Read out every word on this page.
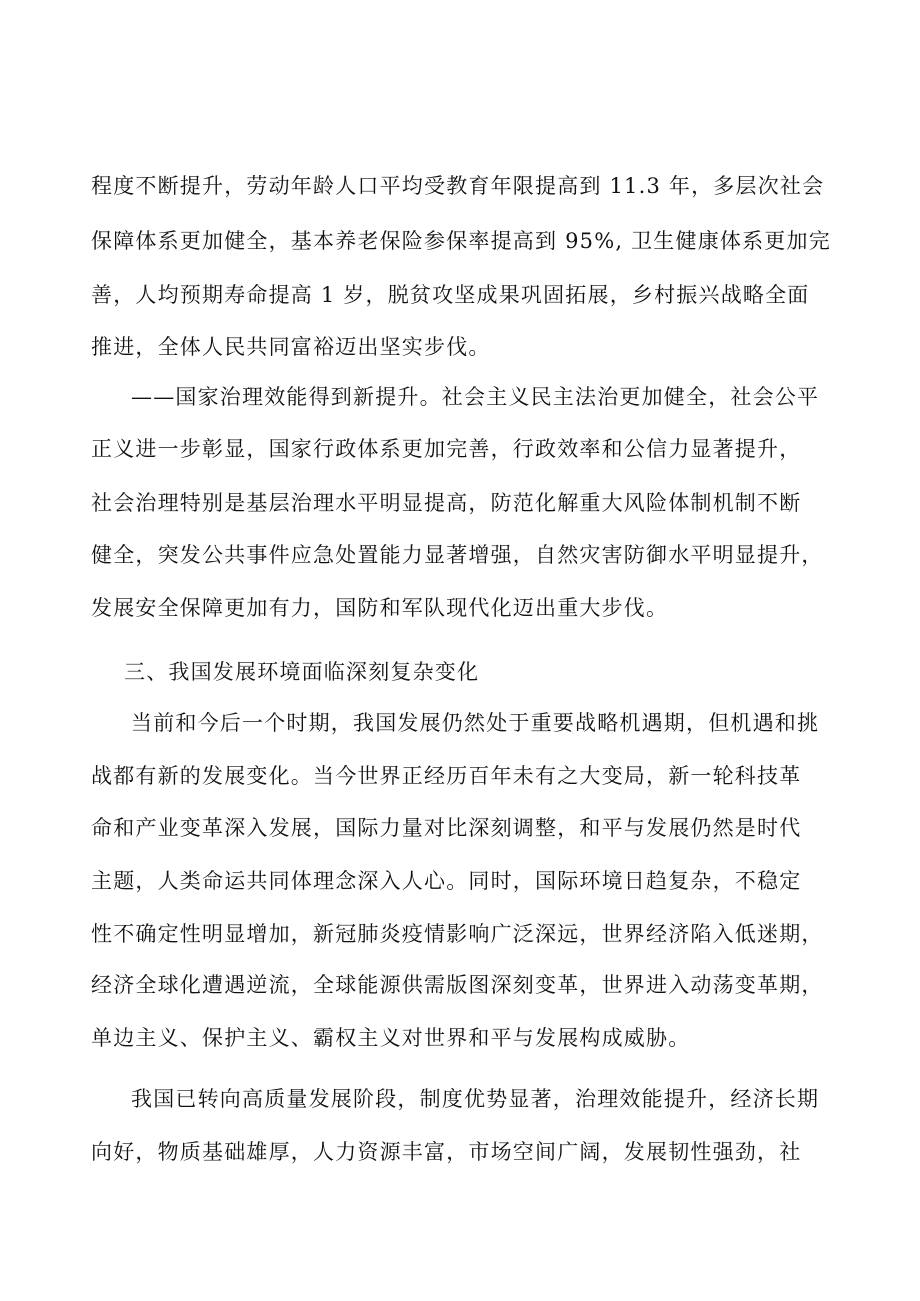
程度不断提升，劳动年龄人口平均受教育年限提高到 11.3 年，多层次社会
保障体系更加健全，基本养老保险参保率提高到 95%, 卫生健康体系更加完
善，人均预期寿命提高 1 岁，脱贫攻坚成果巩固拓展，乡村振兴战略全面
推进，全体人民共同富裕迈出坚实步伐。
——国家治理效能得到新提升。社会主义民主法治更加健全，社会公平
正义进一步彰显，国家行政体系更加完善，行政效率和公信力显著提升，
社会治理特别是基层治理水平明显提高，防范化解重大风险体制机制不断
健全，突发公共事件应急处置能力显著增强，自然灾害防御水平明显提升，
发展安全保障更加有力，国防和军队现代化迈出重大步伐。
三、我国发展环境面临深刻复杂变化
当前和今后一个时期，我国发展仍然处于重要战略机遇期，但机遇和挑
战都有新的发展变化。当今世界正经历百年未有之大变局，新一轮科技革
命和产业变革深入发展，国际力量对比深刻调整，和平与发展仍然是时代
主题，人类命运共同体理念深入人心。同时，国际环境日趋复杂，不稳定
性不确定性明显增加，新冠肺炎疫情影响广泛深远，世界经济陷入低迷期，
经济全球化遭遇逆流，全球能源供需版图深刻变革，世界进入动荡变革期，
单边主义、保护主义、霸权主义对世界和平与发展构成威胁。
我国已转向高质量发展阶段，制度优势显著，治理效能提升，经济长期
向好，物质基础雄厚，人力资源丰富，市场空间广阔，发展韧性强劲，社
